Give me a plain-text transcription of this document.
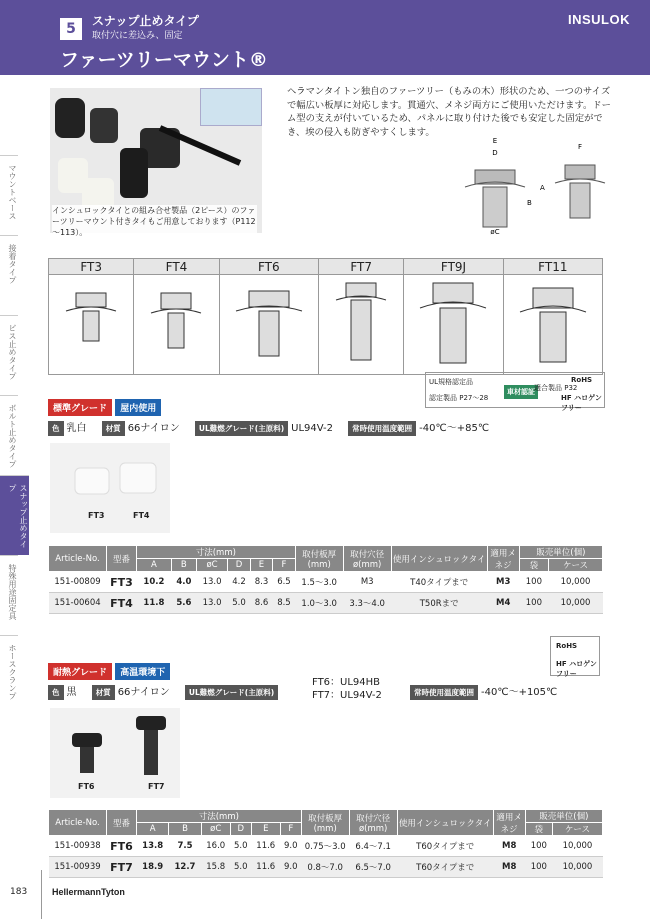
5	スナップ止めタイプ
取付穴に差込み、固定
ファーツリーマウント®
INSULOK
マウントベース
接着タイプ
ビス止めタイプ
ボルト止めタイプ
スナップ止めタイプ
特殊用途固定具
ホースクランプ
インシュロックタイとの組み合せ製品（2ピース）のファーツリーマウント付きタイもご用意しております（P112～113）。
ヘラマンタイトン独自のファーツリー（もみの木）形状のため、一つのサイズで幅広い板厚に対応します。貫通穴、メネジ両方にご使用いただけます。ドーム型の支えが付いているため、パネルに取り付けた後でも安定した固定ができ、埃の侵入も防ぎやすくします。
E
D
B
A
øC
F
FT3	FT4	FT6	FT7	FT9J	FT11

UL規格認定品
認定製品 P27～28
車材認証 適合製品 P32
RoHS
HF ハロゲンフリー
標準グレード 屋内使用
色 乳白	材質 66ナイロン	UL難燃グレード(主原料) UL94V-2	常時使用温度範囲 -40℃～+85℃
FT3	FT4
Article-No.	型番	寸法(mm)						取付板厚(mm)	取付穴径ø(mm)	使用インシュロックタイ	適用メネジ	販売単位(個)	
		A	B	øC	D	E	F					袋	ケース
151-00809	FT3	10.2	4.0	13.0	4.2	8.3	6.5	1.5～3.0	M3	T40タイプまで	M3	100	10,000
151-00604	FT4	11.8	5.6	13.0	5.0	8.6	8.5	1.0～3.0	3.3～4.0	T50Rまで	M4	100	10,000
RoHS
HF ハロゲンフリー
耐熱グレード 高温環境下
色 黒	材質 66ナイロン	UL難燃グレード(主原料)
FT6：UL94HB
FT7：UL94V-2	常時使用温度範囲 -40℃～+105℃
FT6	FT7
Article-No.	型番	寸法(mm)						取付板厚(mm)	取付穴径ø(mm)	使用インシュロックタイ	適用メネジ	販売単位(個)	
		A	B	øC	D	E	F					袋	ケース
151-00938	FT6	13.8	7.5	16.0	5.0	11.6	9.0	0.75～3.0	6.4～7.1	T60タイプまで	M8	100	10,000
151-00939	FT7	18.9	12.7	15.8	5.0	11.6	9.0	0.8～7.0	6.5～7.0	T60タイプまで	M8	100	10,000
183	HellermannTyton
